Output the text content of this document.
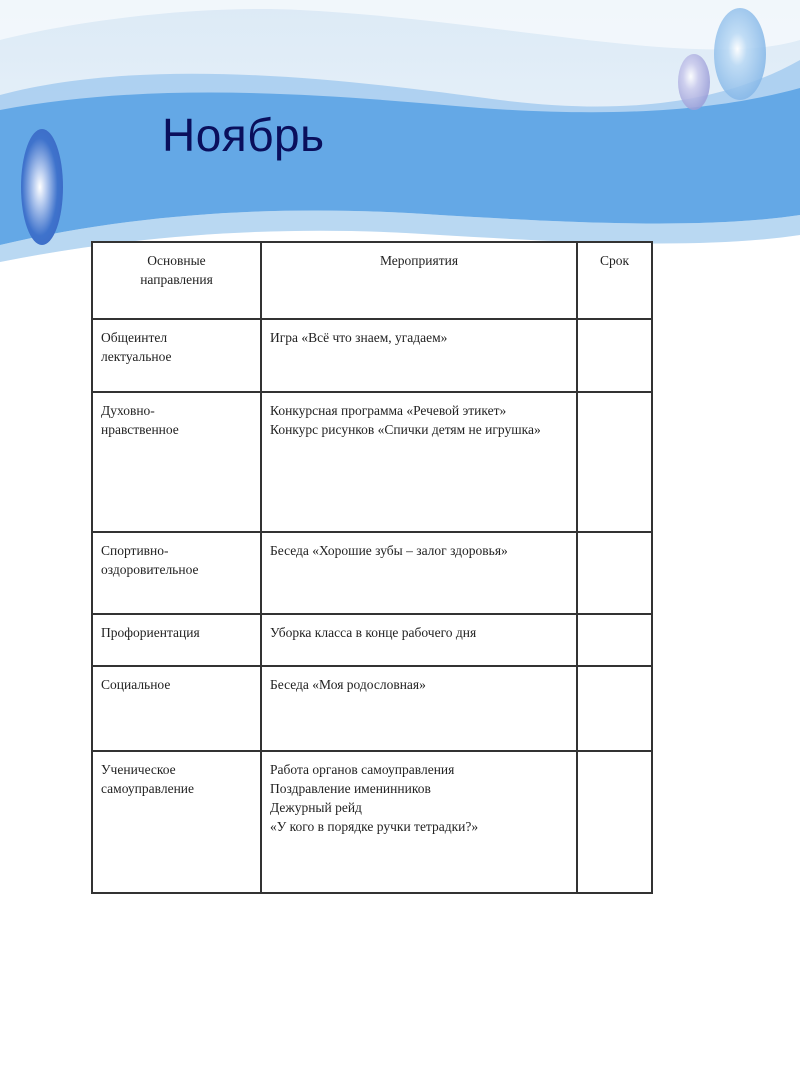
Ноябрь
Основные
направления	Мероприятия	Срок
Общеинтел
лектуальное	Игра «Всё что знаем, угадаем»	
Духовно-
нравственное	Конкурсная программа «Речевой этикет»
Конкурс рисунков «Спички детям не игрушка»	
Спортивно-
оздоровительное	Беседа «Хорошие зубы – залог здоровья»	
Профориентация	Уборка класса в конце рабочего дня	
Социальное	Беседа «Моя родословная»	
Ученическое
самоуправление	Работа органов самоуправления
Поздравление именинников
Дежурный рейд
«У кого в порядке ручки тетрадки?»	
